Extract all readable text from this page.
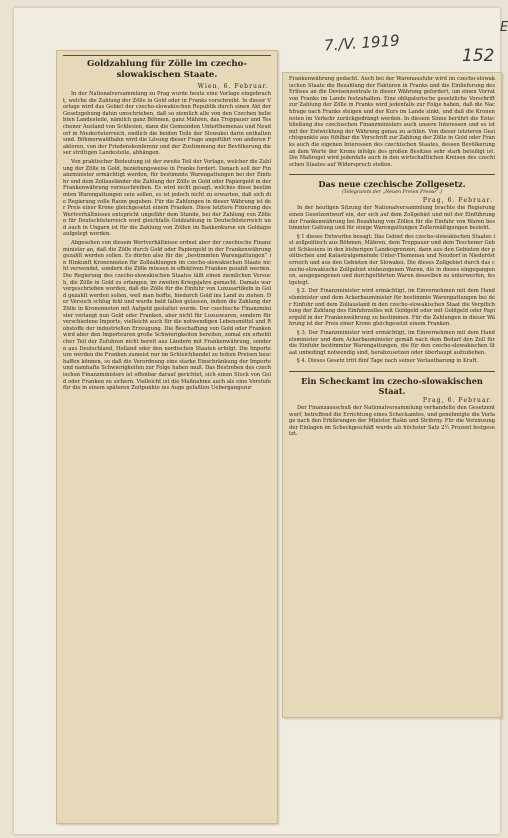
7./V. 1919
152
E
Goldzahlung für Zölle im czecho-slowakischen Staate.
Wien, 6. Februar.

In der Nationalversammlung zu Prag wurde heute eine Vorlage eingebracht, welche die Zahlung der Zölle in Gold oder in Franks vorschreibt. In dieser Vorlage wird das Gebiet der czecho-slowakischen Republik durch einen Akt der Gesetzgebung dahin umschrieben, daß so ziemlich alle von den Czechen beliebten Landesteile, nämlich ganz Böhmen, ganz Mähren, das Troppauer und Teschener Ausland von Schlesien, dann die Gemeinden Unterthemenau und Neudorf in Niederösterreich, endlich die beiden Teile der Slowakei darin enthalten sind. Böhmerwaldbahn wird die Lösung dieser Frage angeführt von anderen Faktoren, von der Friedenskonferenz und der Zustimmung der Bevölkerung dieser strittigen Landesteile, abhängen.

Von praktischer Bedeutung ist der zweite Teil der Vorlage, welcher die Zahlung der Zölle in Gold, beziehungsweise in Franks fordert. Danach soll der Finanzminister ermächtigt werden, für bestimmte Warengattungen bei der Einfuhr und dem Zollausländer die Zahlung der Zölle in Gold oder Papiergeld in der Frankenwährung vorzuschreiben. Es wird nicht gesagt, welches diese bestimmten Warengattungen sein sollen, es ist jedoch nicht zu erwarten, daß sich die Regierung volle Raum gegeben. Für die Zahlungen in dieser Währung ist der Preis einer Krone gleichgesetzt einem Franken. Diese letztere Fixierung des Wertverhältnisses entspricht ungefähr dem Stande, bei der Zahlung von Zöllen für Deutschösterreich wird gleichfalls Goldzahlung in Deutschösterreich und auch in Ungarn ist für die Zahlung von Zöllen im Bankenkurse ein Goldagio aufgelegt worden.

Abgesehen von diesem Wertverhältnisse ordnet aber der czechische Finanzminister an, daß die Zölle durch Gold oder Papiergeld in der Frankenwährung gezahlt werden sollen. Es dürfen also für die „bestimmten Warengattungen“ in Hinkunft Kronennoten für Zollzahlungen im czecho-slowakischen Staate nicht verwendet, sondern die Zölle müssen in effektiven Franken gezahlt werden. Die Regierung des czecho-slowakischen Staates läßt einen ziemlichen Versuch, die Zölle in Gold zu erlangen, im zweiten Kriegsjahre gemacht. Damals war vorgeschrieben worden, daß die Zölle für die Einfuhr von Luxusartikeln in Gold gezahlt werden sollen, weil man hoffte, hiedurch Gold ins Land zu ziehen. Der Versuch schlug fehl und wurde bald fallen gelassen, indem die Zahlung der Zölle in Kronennoten mit Aufgeld gestattet wurde. Der czechische Finanzminister verlangt nun Gold oder Franken, aber nicht für Luxuswaren, sondern für verschiedene Importe, vielleicht auch für die notwendigen Lebensmittel und Rohstoffe der industriellen Erzeugung. Die Beschaffung von Gold oder Franken wird aber den Importeuren große Schwierigkeiten bereiten, zumal ein erheblicher Teil der Zufuhren nicht bereit aus Ländern mit Frankenwährung, sondern aus Deutschland, Holland oder den nordischen Staaten erfolgt. Die Importeure werden die Franken zumeist nur im Schleichhandel zu hohen Preisen beschaffen können, so daß die Verordnung eine starke Einschränkung der Importe und namhafte Schwierigkeiten zur Folge haben muß. Das Bestreben des czechischen Finanzministers ist offenbar darauf gerichtet, sich einen Stock von Gold oder Franken zu sichern. Vielleicht ist die Maßnahme auch als eine Vorstufe für die in einem späteren Zeitpunkte ins Auge gefaßten Uebergangszur

Frankenwährung gedacht. Auch bei der Warenausfuhr wird im czecho-slowakischen Staate die Bezahlung der Fakturen in Franks und die Einlieferung des Erlöses an die Devisenzentrale in dieser Währung gefordert, um einen Vorrat von Franks im Lande festzuhalten. Eine obligatorische gesetzliche Vorschrift zur Zahlung der Zölle in Franks wird jedenfalls zur Folge haben, daß die Nachfrage nach Franks steigen und der Kurs im Lande sinkt, und daß die Kronennoten im Verkehr zurückgedrängt werden. In diesem Sinne berührt die Entschließung des czechischen Finanzministers auch unsere Interessen und es ist mit der Entwicklung der Währung genau zu achten. Von dieser letzteren Gesichtspunkte aus fühlbar die Vorschrift zur Zahlung der Zölle in Gold oder Franks auch die eigenen Interessen des czechischen Staates, dessen Bevölkerung an dem Werte der Krone infolge des großen Besitzes sehr stark beteiligt ist. Die Maßregel wird jedenfalls auch in den wirtschaftlichen Kreisen des czechischen Staates auf Widerspruch stoßen.

Das neue czechische Zollgesetz.
(Telegramm der „Neuen Freien Presse“.)
Prag, 6. Februar.

In der heutigen Sitzung der Nationalversammlung brachte die Regierung einen Gesetzentwurf ein, der sich auf dem Zollgebiet und mit der Einführung der Frankenwährung bei Bezahlung von Zöllen für die Einfuhr von Waren bestimmter Gattung und für einige Warengattungen Zollermäßigungen bezieht.

§ 1 dieses Entwurfes besagt: Das Gebiet des czecho-slowakischen Staates ist zollpolitisch aus Böhmen, Mähren, dem Troppauer und dem Teschener Gebiet Schlesiens in den bisherigen Landesgrenzen, dann aus den Gebieten der politischen und Katastralgemeinde Unter-Themenau und Neudorf in Niederösterreich und aus den Gebieten der Slowakei. Die dieses Zollgebiet durch das czecho-slowakische Zollgebiet einbezogenen Waren, die in dieses eingegangenen, ausgegangenen und durchgeführten Waren desselben zu unterwerfen, festgelegt.

§ 2. Der Finanzminister wird ermächtigt, im Einvernehmen mit dem Handelsminister und dem Ackerbauminister für bestimmte Warengattungen bei der Einfuhr und dem Zollausland in den czecho-slowakischen Staat die Verpflichtung der Zahlung des Einfuhrzolles mit Goldgeld oder mit Goldgeld oder Papiergeld in der Frankenwährung zu bestimmen. Für die Zahlungen in dieser Währung ist der Preis einer Krone gleichgesetzt einem Franken.

§ 3. Der Finanzminister wird ermächtigt, im Einvernehmen mit dem Handelsminister und dem Ackerbauminister gemäß nach dem Bedarf den Zoll für die Einfuhr bestimmter Warengattungen, die für den czecho-slowakischen Staat unbedingt notwendig sind, herabzusetzen oder überhaupt aufzuheben.

§ 4. Dieses Gesetz tritt fünf Tage nach seiner Verlautbarung in Kraft.

Ein Scheckamt im czecho-slowakischen Staat.
Prag, 6. Februar.

Der Finanzausschuß der Nationalversammlung verhandelte den Gesetzentwurf, betreffend die Errichtung eines Scheckamtes, und genehmigte die Vorlage nach den Erklärungen der Minister Rašin und Stribrny. Für die Verzinsung der Einlagen im Scheckgeschäft wurde als höchster Satz 2½ Prozent festgesetzt.
